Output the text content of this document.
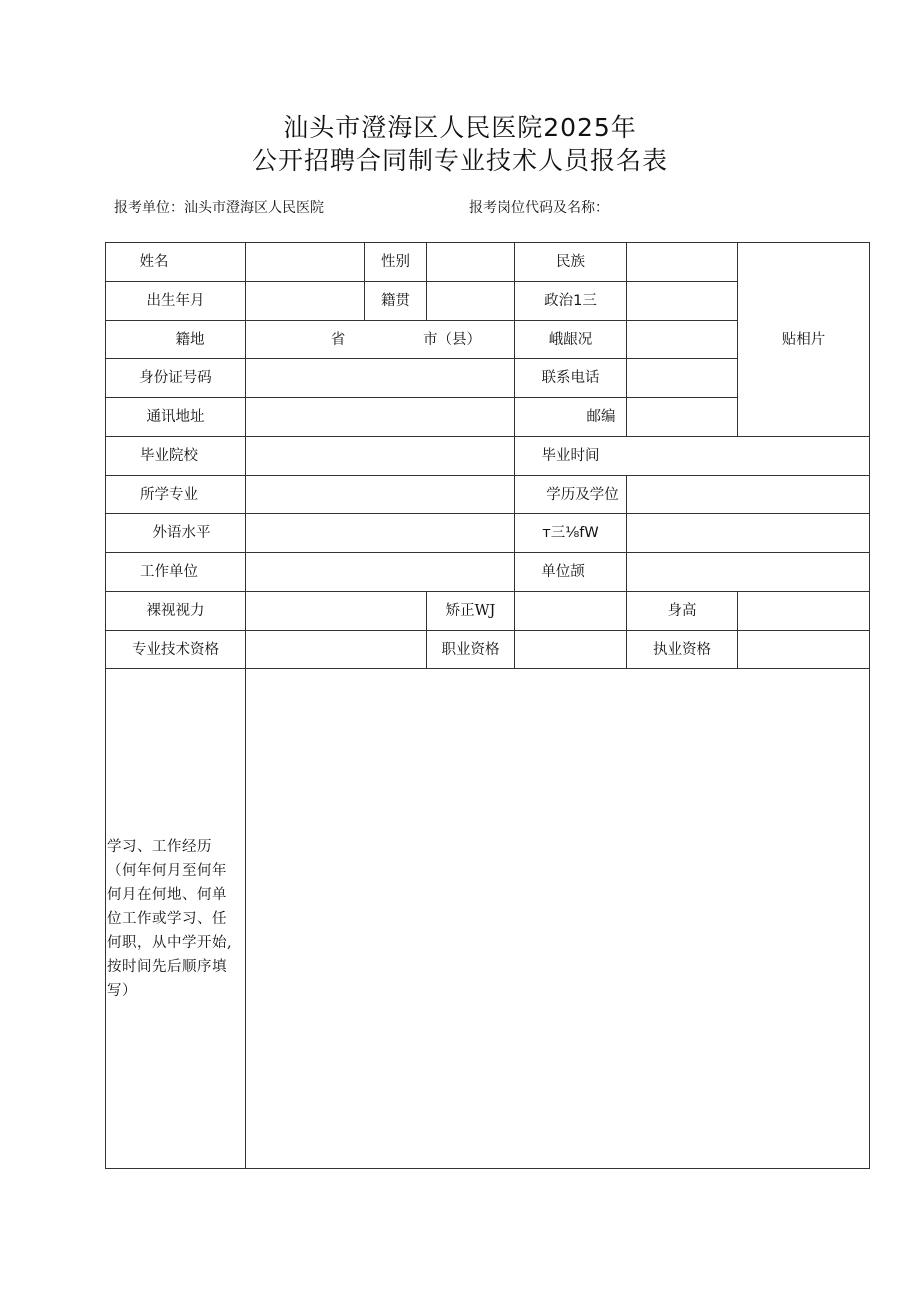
汕头市澄海区人民医院2025年
公开招聘合同制专业技术人员报名表
报考单位：汕头市澄海区人民医院	报考岗位代码及名称：
姓名	性别	民族
贴相片
出生年月	籍贯	政治1三
籍地	省	市（县）	峨龈况
身份证号码	联系电话
通讯地址	邮编
毕业院校	毕业时间
所学专业	学历及学位
外语水平	т三⅛fW
工作单位	单位颉
裸视视力	矫正WJ	身高
专业技术资格	职业资格	执业资格
学习、工作经历
（何年何月至何年
何月在何地、何单
位工作或学习、任
何职，从中学开始,
按时间先后顺序填
写）
